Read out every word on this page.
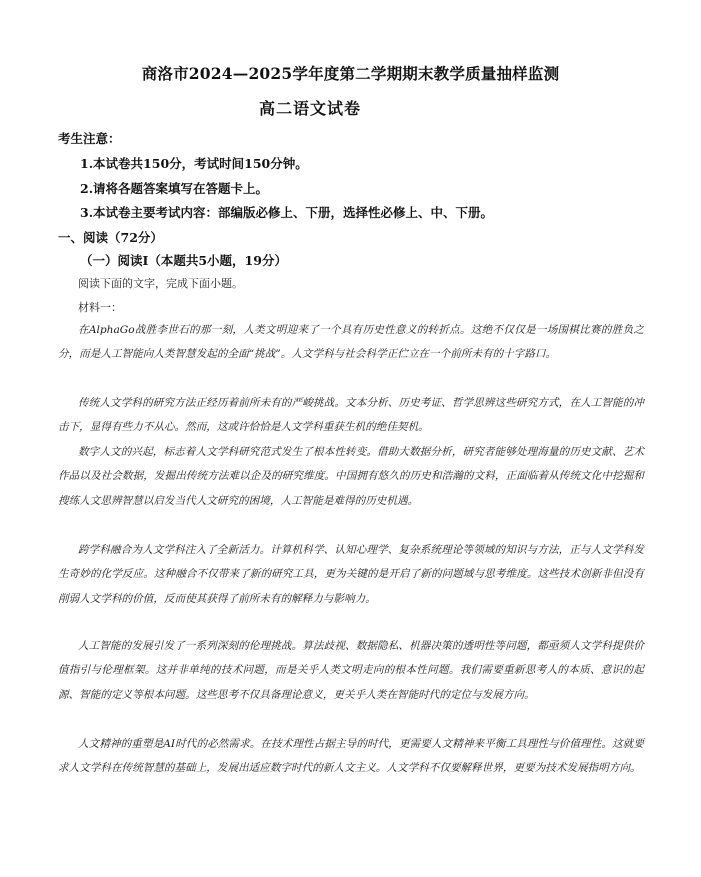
商洛市2024—2025学年度第二学期期末教学质量抽样监测
高二语文试卷
考生注意：
1.本试卷共150分，考试时间150分钟。
2.请将各题答案填写在答题卡上。
3.本试卷主要考试内容：部编版必修上、下册，选择性必修上、中、下册。
一、阅读（72分）
（一）阅读Ⅰ（本题共5小题，19分）
阅读下面的文字，完成下面小题。
材料一：
在AlphaGo战胜李世石的那一刻，人类文明迎来了一个具有历史性意义的转折点。这绝不仅仅是一场围棋比赛的胜负之分，而是人工智能向人类智慧发起的全面“挑战”。人文学科与社会科学正伫立在一个前所未有的十字路口。
传统人文学科的研究方法正经历着前所未有的严峻挑战。文本分析、历史考证、哲学思辨这些研究方式，在人工智能的冲击下，显得有些力不从心。然而，这或许恰恰是人文学科重获生机的绝佳契机。
数字人文的兴起，标志着人文学科研究范式发生了根本性转变。借助大数据分析，研究者能够处理海量的历史文献、艺术作品以及社会数据，发掘出传统方法难以企及的研究维度。中国拥有悠久的历史和浩瀚的文料，正面临着从传统文化中挖掘和搜练人文思辨智慧以启发当代人文研究的困境，人工智能是难得的历史机遇。
跨学科融合为人文学科注入了全新活力。计算机科学、认知心理学、复杂系统理论等领域的知识与方法，正与人文学科发生奇妙的化学反应。这种融合不仅带来了新的研究工具，更为关键的是开启了新的问题域与思考维度。这些技术创新非但没有削弱人文学科的价值，反而使其获得了前所未有的解释力与影响力。
人工智能的发展引发了一系列深刻的伦理挑战。算法歧视、数据隐私、机器决策的透明性等问题，都亟须人文学科提供价值指引与伦理框架。这并非单纯的技术问题，而是关乎人类文明走向的根本性问题。我们需要重新思考人的本质、意识的起源、智能的定义等根本问题。这些思考不仅具备理论意义，更关乎人类在智能时代的定位与发展方向。
人文精神的重塑是AI时代的必然需求。在技术理性占据主导的时代，更需要人文精神来平衡工具理性与价值理性。这就要求人文学科在传统智慧的基础上，发展出适应数字时代的新人文主义。人文学科不仅要解释世界，更要为技术发展指明方向。
